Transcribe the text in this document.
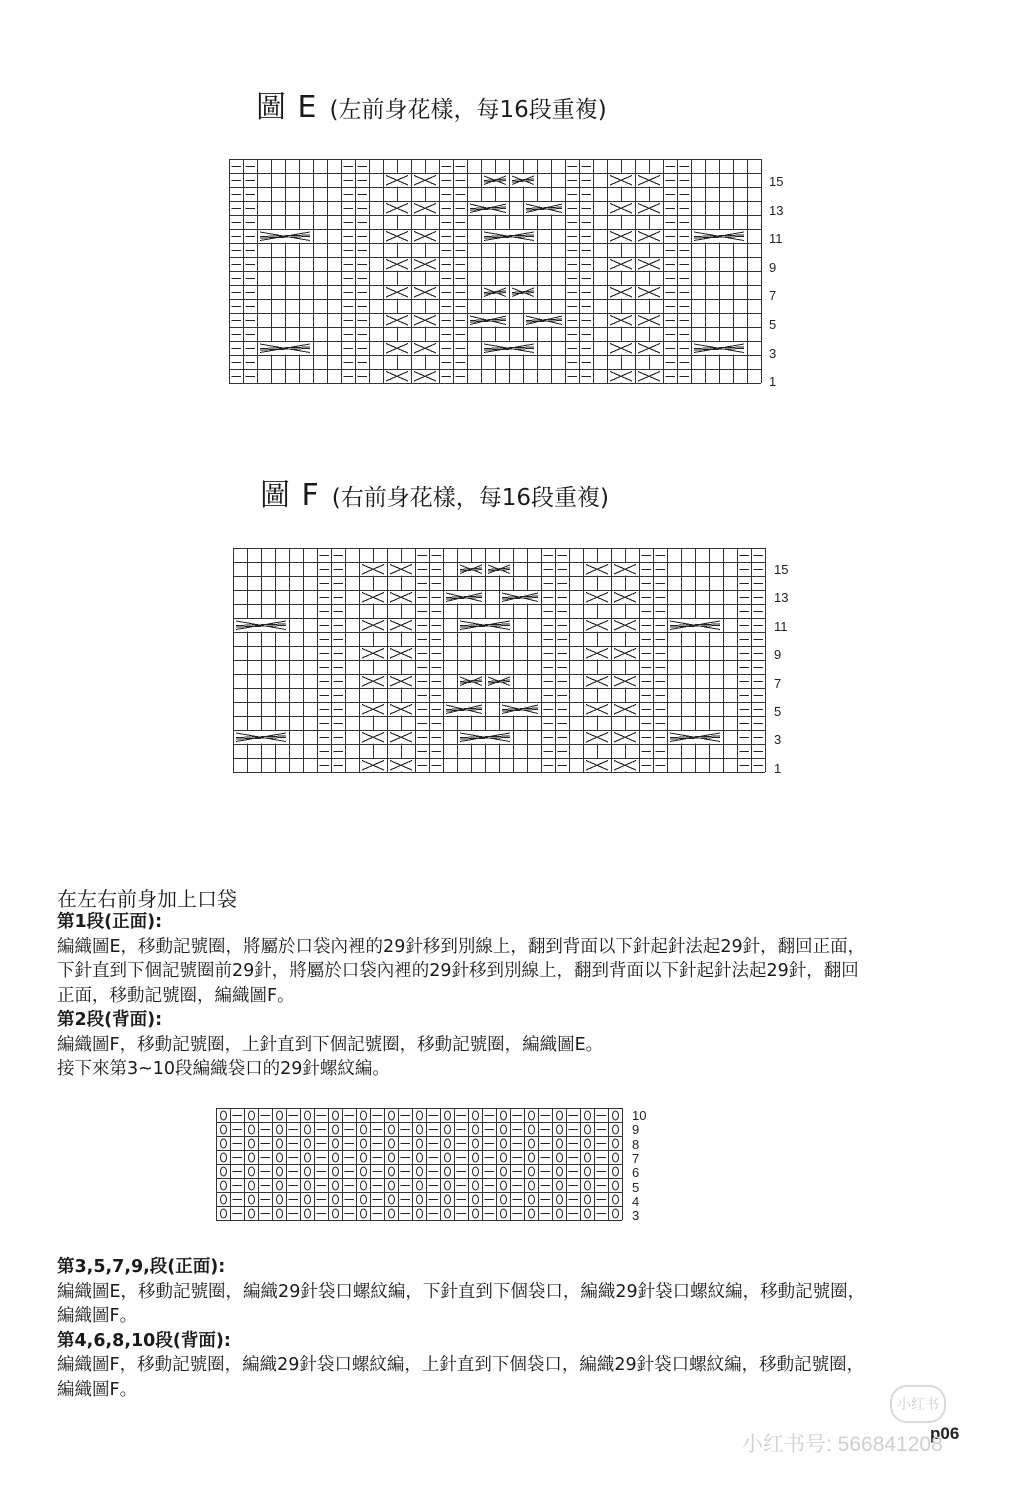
圖 E (左前身花樣，每16段重複)
15
13
11
9
7
5
3
1
圖 F (右前身花樣，每16段重複)
15
13
11
9
7
5
3
1
在左右前身加上口袋
第1段(正面):
編織圖E，移動記號圈，將屬於口袋內裡的29針移到別線上，翻到背面以下針起針法起29針，翻回正面，
下針直到下個記號圈前29針，將屬於口袋內裡的29針移到別線上，翻到背面以下針起針法起29針，翻回
正面，移動記號圈，編織圖F。
第2段(背面):
編織圖F，移動記號圈，上針直到下個記號圈，移動記號圈，編織圖E。
接下來第3~10段編織袋口的29針螺紋編。
10
9
8
7
6
5
4
3
第3,5,7,9,段(正面):
編織圖E，移動記號圈，編織29針袋口螺紋編，下針直到下個袋口，編織29針袋口螺紋編，移動記號圈，
編織圖F。
第4,6,8,10段(背面):
編織圖F，移動記號圈，編織29針袋口螺紋編，上針直到下個袋口，編織29針袋口螺紋編，移動記號圈，
編織圖F。
小红书
p06
小红书号: 566841208
